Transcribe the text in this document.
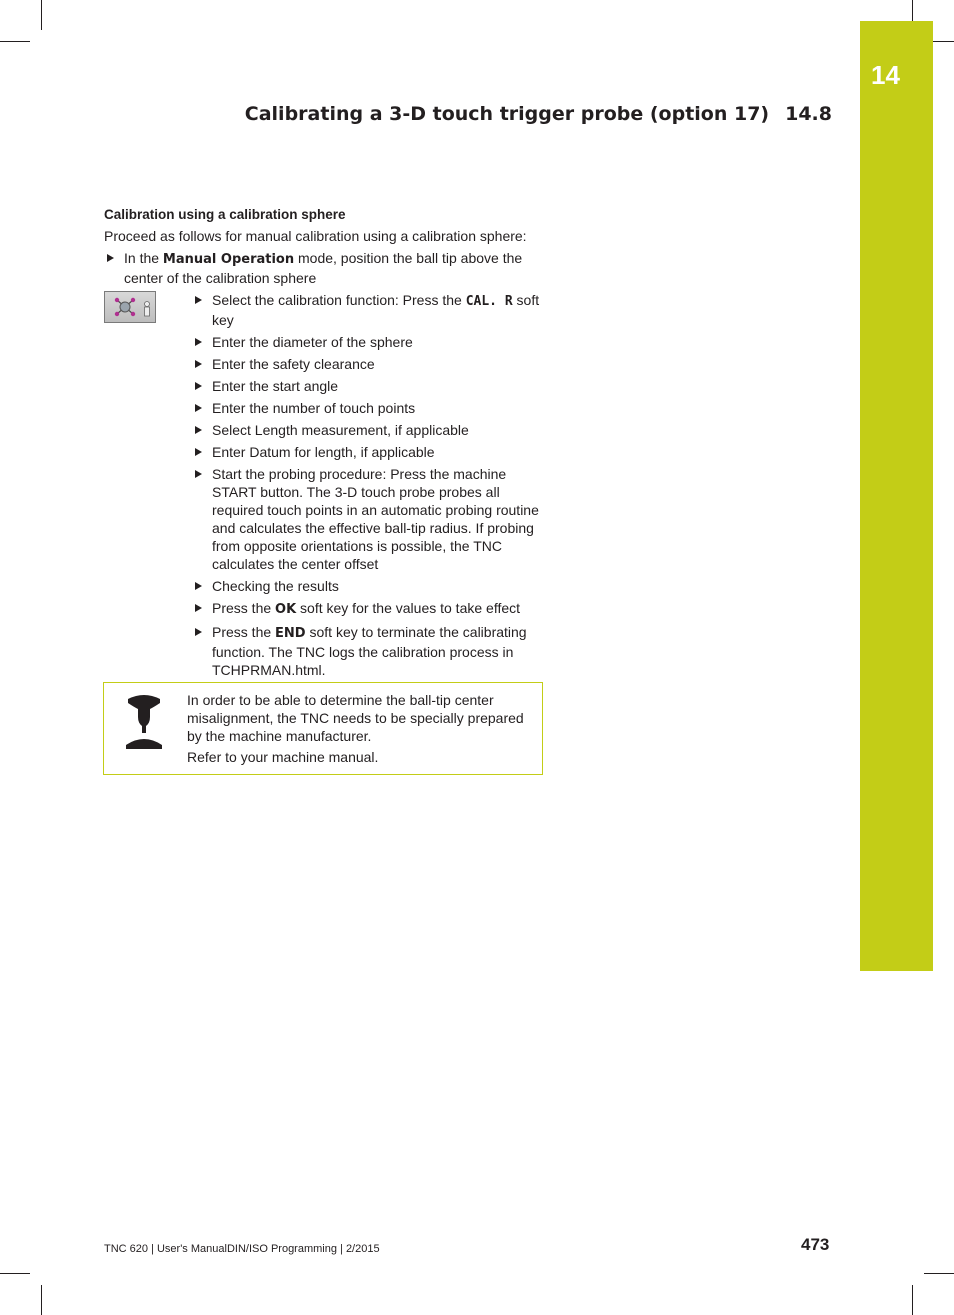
14
Calibrating a 3-D touch trigger probe (option 17) 14.8
Calibration using a calibration sphere

Proceed as follows for manual calibration using a calibration sphere:

In the Manual Operation mode, position the ball tip above the center of the calibration sphere
Select the calibration function: Press the CAL. R soft key
Enter the diameter of the sphere
Enter the safety clearance
Enter the start angle
Enter the number of touch points
Select Length measurement, if applicable
Enter Datum for length, if applicable
Start the probing procedure: Press the machine START button. The 3-D touch probe probes all required touch points in an automatic probing routine and calculates the effective ball-tip radius. If probing from opposite orientations is possible, the TNC calculates the center offset
Checking the results
Press the OK soft key for the values to take effect
Press the END soft key to terminate the calibrating function. The TNC logs the calibration process in TCHPRMAN.html.

In order to be able to determine the ball-tip center misalignment, the TNC needs to be specially prepared by the machine manufacturer.

Refer to your machine manual.

TNC 620 | User's ManualDIN/ISO Programming | 2/2015	473
